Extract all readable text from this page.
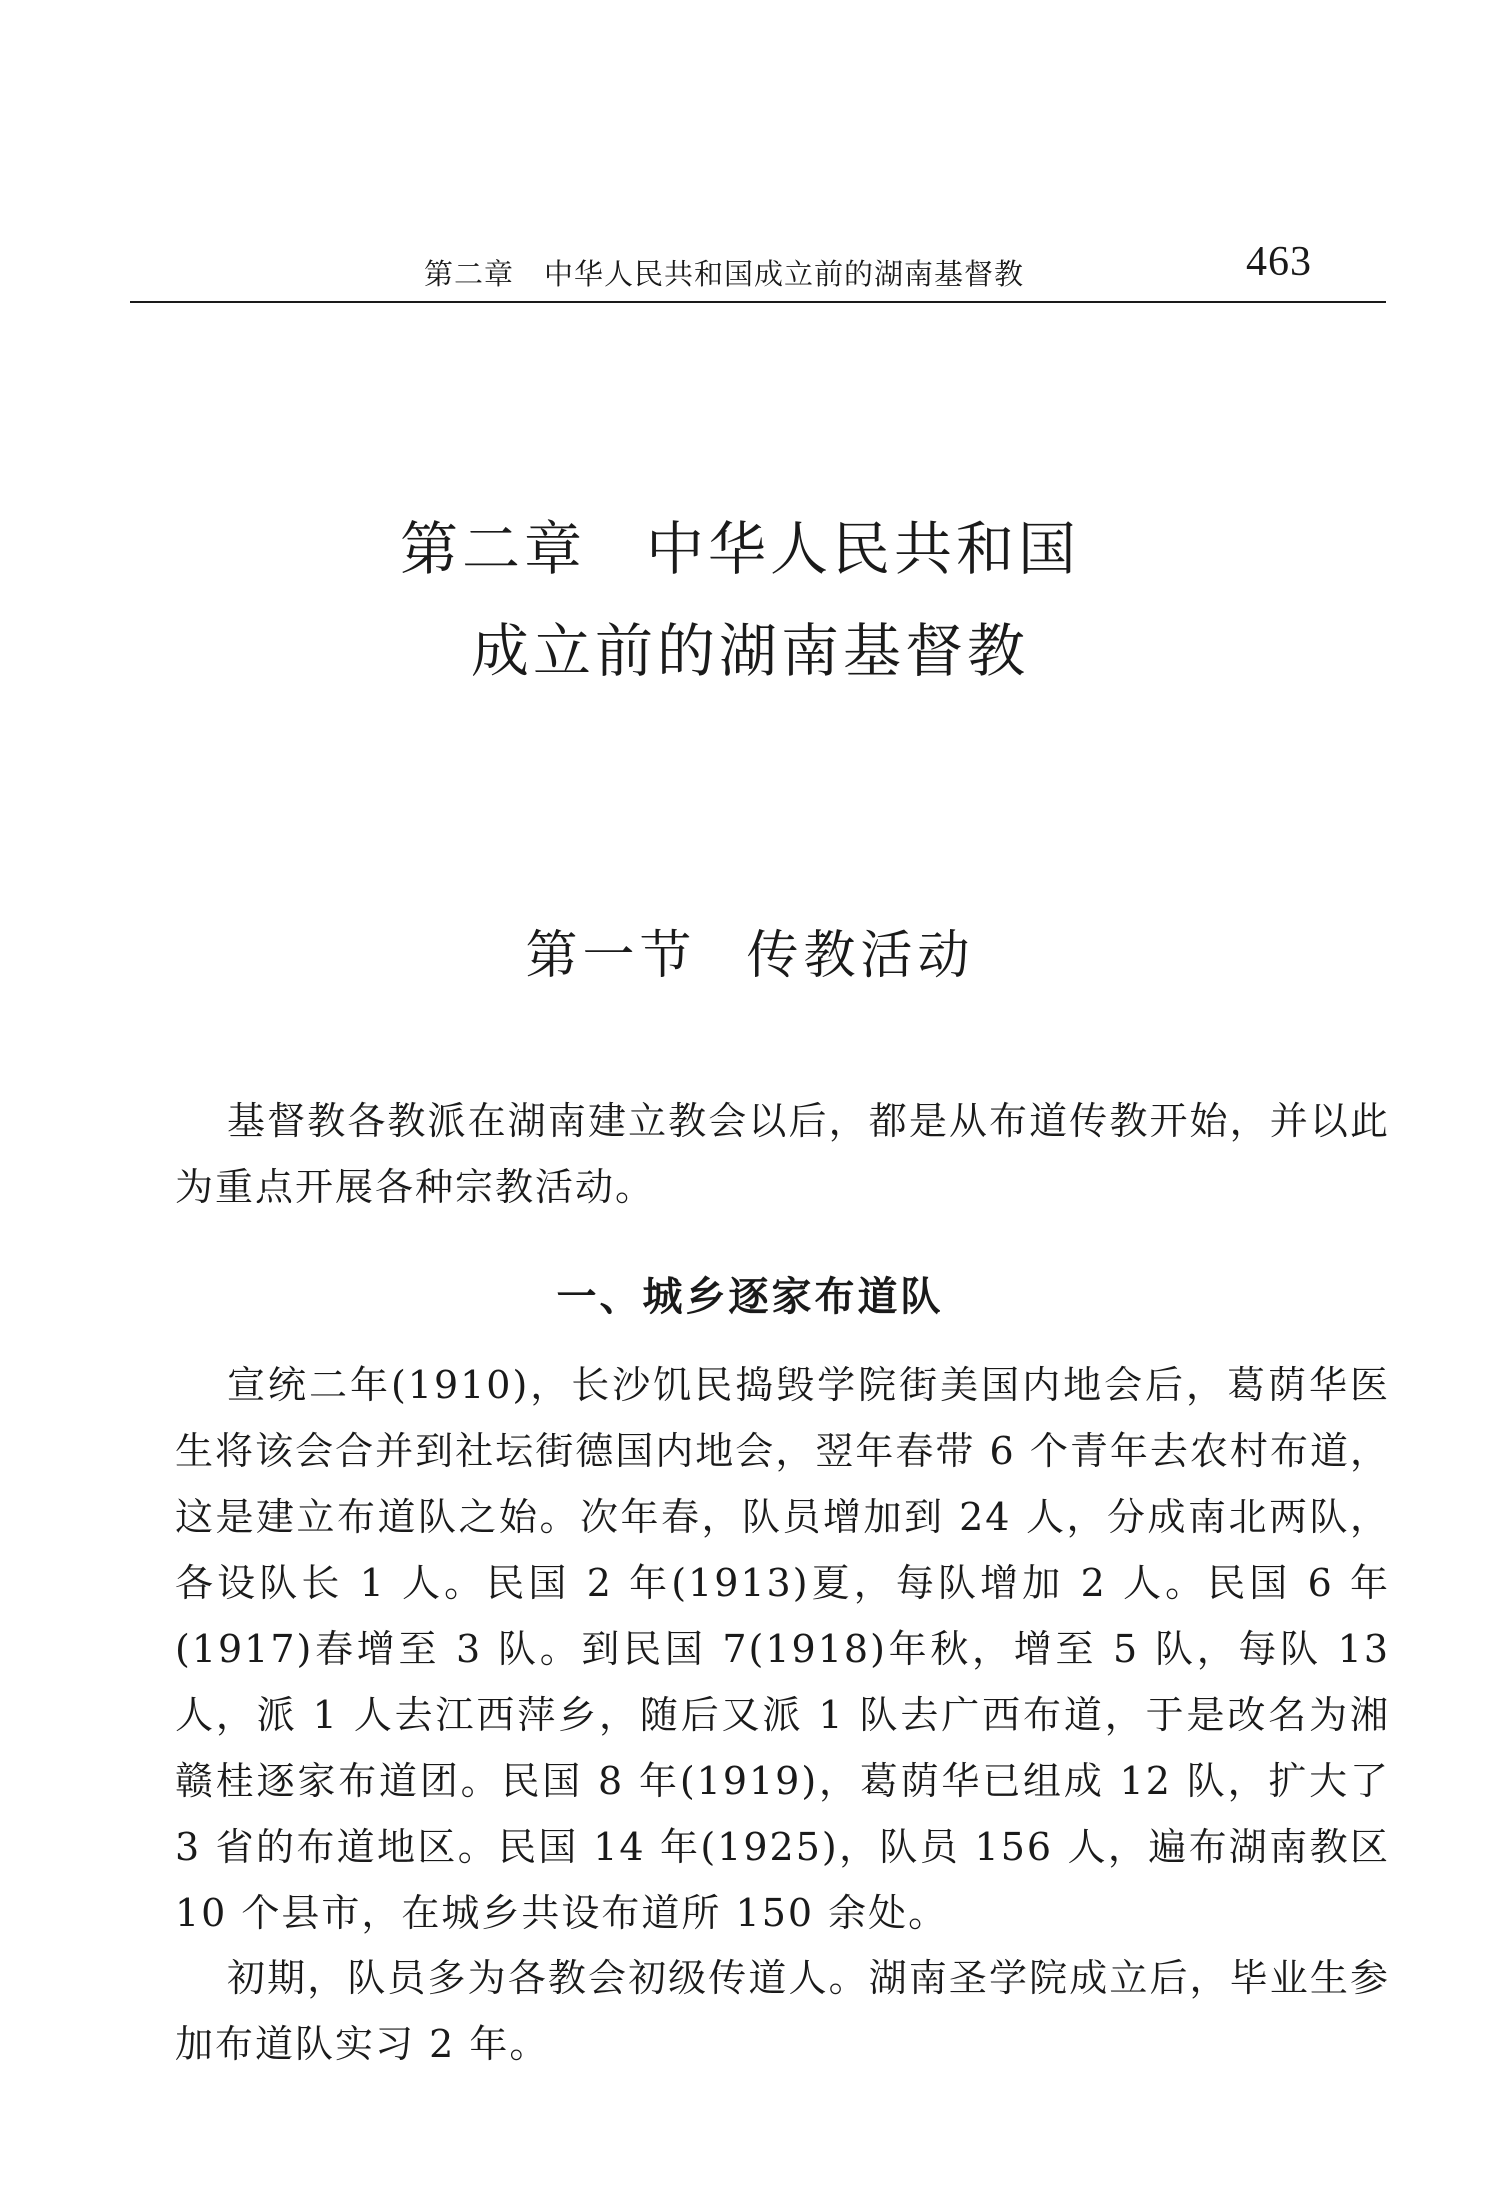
第二章　中华人民共和国成立前的湖南基督教	463
第二章 中华人民共和国
成立前的湖南基督教
第一节 传教活动

基督教各教派在湖南建立教会以后，都是从布道传教开始，并以此为重点开展各种宗教活动。

一、城乡逐家布道队

宣统二年(1910)，长沙饥民捣毁学院街美国内地会后，葛荫华医生将该会合并到社坛街德国内地会，翌年春带 6 个青年去农村布道，这是建立布道队之始。次年春，队员增加到 24 人，分成南北两队，各设队长 1 人。民国 2 年(1913)夏，每队增加 2 人。民国 6 年(1917)春增至 3 队。到民国 7(1918)年秋，增至 5 队，每队 13 人，派 1 人去江西萍乡，随后又派 1 队去广西布道，于是改名为湘赣桂逐家布道团。民国 8 年(1919)，葛荫华已组成 12 队，扩大了 3 省的布道地区。民国 14 年(1925)，队员 156 人，遍布湖南教区 10 个县市，在城乡共设布道所 150 余处。

初期，队员多为各教会初级传道人。湖南圣学院成立后，毕业生参加布道队实习 2 年。
